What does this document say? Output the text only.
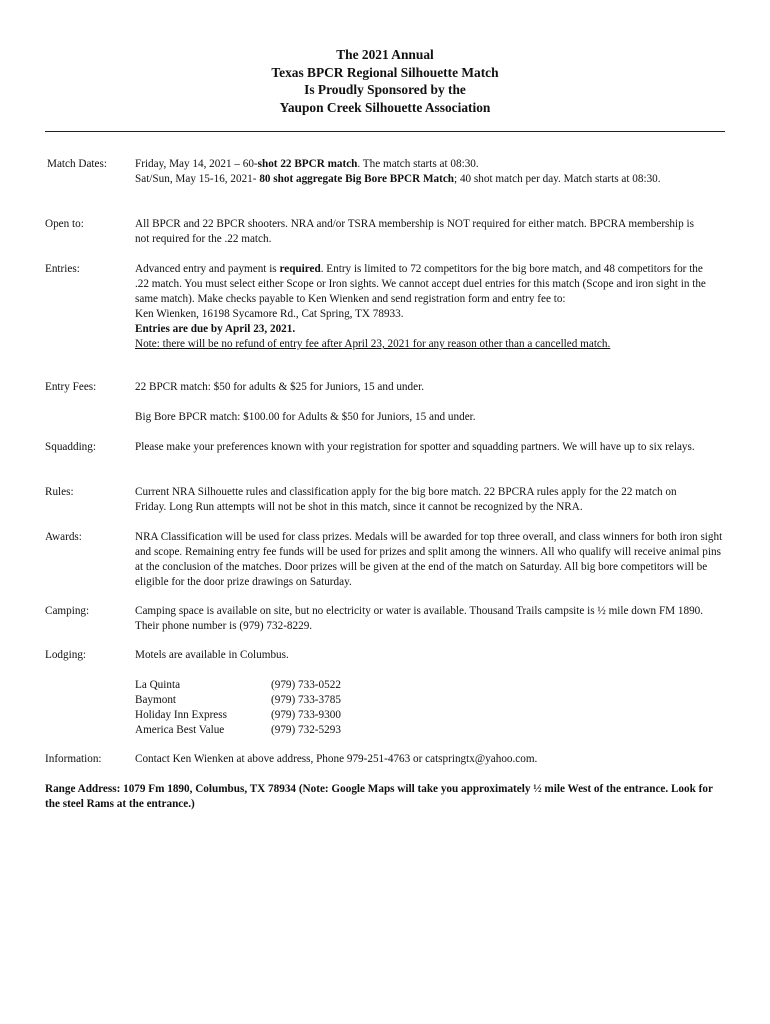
The 2021 Annual
Texas BPCR Regional Silhouette Match
Is Proudly Sponsored by the
Yaupon Creek Silhouette Association
Match Dates:	Friday, May 14, 2021 – 60-shot 22 BPCR match. The match starts at 08:30.

Sat/Sun, May 15-16, 2021- 80 shot aggregate Big Bore BPCR Match; 40 shot match per day. Match starts at 08:30.

Open to:	All BPCR and 22 BPCR shooters. NRA and/or TSRA membership is NOT required for either match. BPCRA membership is not required for the .22 match.
Entries:	Advanced entry and payment is required. Entry is limited to 72 competitors for the big bore match, and 48 competitors for the .22 match. You must select either Scope or Iron sights. We cannot accept duel entries for this match (Scope and iron sight in the same match). Make checks payable to Ken Wienken and send registration form and entry fee to:

Ken Wienken, 16198 Sycamore Rd., Cat Spring, TX 78933.

Entries are due by April 23, 2021.

Note: there will be no refund of entry fee after April 23, 2021 for any reason other than a cancelled match.

Entry Fees:	22 BPCR match: $50 for adults & $25 for Juniors, 15 and under.

Big Bore BPCR match: $100.00 for Adults & $50 for Juniors, 15 and under.

Squadding:	Please make your preferences known with your registration for spotter and squadding partners. We will have up to six relays.
Rules:	Current NRA Silhouette rules and classification apply for the big bore match. 22 BPCRA rules apply for the 22 match on Friday. Long Run attempts will not be shot in this match, since it cannot be recognized by the NRA.
Awards:	NRA Classification will be used for class prizes. Medals will be awarded for top three overall, and class winners for both iron sight and scope. Remaining entry fee funds will be used for prizes and split among the winners. All who qualify will receive animal pins at the conclusion of the matches. Door prizes will be given at the end of the match on Saturday. All big bore competitors will be eligible for the door prize drawings on Saturday.
Camping:	Camping space is available on site, but no electricity or water is available. Thousand Trails campsite is ½ mile down FM 1890. Their phone number is (979) 732-8229.
Lodging:	Motels are available in Columbus.
La Quinta	(979) 733-0522
Baymont	(979) 733-3785
Holiday Inn Express	(979) 733-9300
America Best Value	(979) 732-5293
Information:	Contact Ken Wienken at above address, Phone 979-251-4763 or catspringtx@yahoo.com.
Range Address: 1079 Fm 1890, Columbus, TX 78934 (Note: Google Maps will take you approximately ½ mile West of the entrance. Look for the steel Rams at the entrance.)
